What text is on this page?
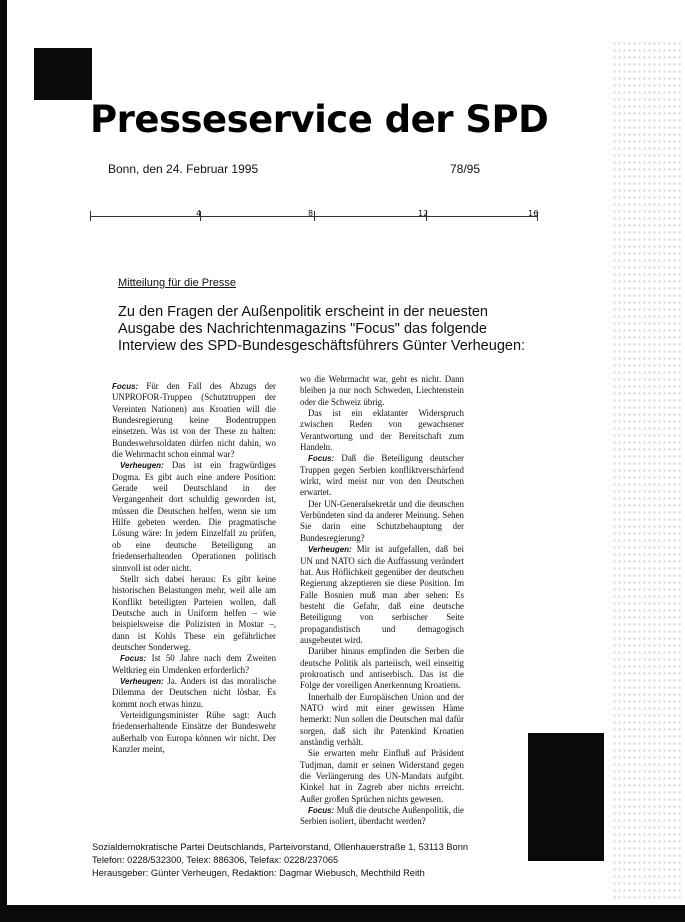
Presseservice der SPD
Bonn, den 24. Februar 1995	78/95
4	8	12	16
Mitteilung für die Presse
Zu den Fragen der Außenpolitik erscheint in der neuesten Ausgabe des Nachrichtenmagazins "Focus" das folgende Interview des SPD-Bundesgeschäftsführers Günter Verheugen:

Focus: Für den Fall des Abzugs der UNPROFOR-Truppen (Schutztruppen der Vereinten Nationen) aus Kroatien will die Bundesregierung keine Bodentruppen einsetzen. Was ist von der These zu halten: Bundeswehrsoldaten dürfen nicht dahin, wo die Wehrmacht schon einmal war?

Verheugen: Das ist ein fragwürdiges Dogma. Es gibt auch eine andere Position: Gerade weil Deutschland in der Vergangenheit dort schuldig geworden ist, müssen die Deutschen helfen, wenn sie um Hilfe gebeten werden. Die pragmatische Lösung wäre: In jedem Einzelfall zu prüfen, ob eine deutsche Beteiligung an friedenserhaltenden Operationen politisch sinnvoll ist oder nicht.

Stellt sich dabei heraus: Es gibt keine historischen Belastungen mehr, weil alle am Konflikt beteiligten Parteien wollen, daß Deutsche auch in Uniform helfen – wie beispielsweise die Polizisten in Mostar –, dann ist Kohls These ein gefährlicher deutscher Sonderweg.

Focus: Ist 50 Jahre nach dem Zweiten Weltkrieg ein Umdenken erforderlich?

Verheugen: Ja. Anders ist das moralische Dilemma der Deutschen nicht lösbar. Es kommt noch etwas hinzu.

Verteidigungsminister Rühe sagt: Auch friedenserhaltende Einsätze der Bundeswehr außerhalb von Europa können wir nicht. Der Kanzler meint,

wo die Wehrmacht war, geht es nicht. Dann bleiben ja nur noch Schweden, Liechtenstein oder die Schweiz übrig.

Das ist ein eklatanter Widerspruch zwischen Reden von gewachsener Verantwortung und der Bereitschaft zum Handeln.

Focus: Daß die Beteiligung deutscher Truppen gegen Serbien konfliktverschärfend wirkt, wird meist nur von den Deutschen erwartet.

Der UN-Generalsekretär und die deutschen Verbündeten sind da anderer Meinung. Sehen Sie darin eine Schutzbehauptung der Bundesregierung?

Verheugen: Mir ist aufgefallen, daß bei UN und NATO sich die Auffassung verändert hat. Aus Höflichkeit gegenüber der deutschen Regierung akzeptieren sie diese Position. Im Falle Bosnien muß man aber sehen: Es besteht die Gefahr, daß eine deutsche Beteiligung von serbischer Seite propagandistisch und demagogisch ausgebeutet wird.

Darüber hinaus empfinden die Serben die deutsche Politik als parteiisch, weil einseitig prokroatisch und antiserbisch. Das ist die Folge der voreiligen Anerkennung Kroatiens.

Innerhalb der Europäischen Union und der NATO wird mit einer gewissen Häme bemerkt: Nun sollen die Deutschen mal dafür sorgen, daß sich ihr Patenkind Kroatien anständig verhält.

Sie erwarten mehr Einfluß auf Präsident Tudjman, damit er seinen Widerstand gegen die Verlängerung des UN-Mandats aufgibt. Kinkel hat in Zagreb aber nichts erreicht. Außer großen Sprüchen nichts gewesen.

Focus: Muß die deutsche Außenpolitik, die Serbien isoliert, überdacht werden?

Sozialdemokratische Partei Deutschlands, Parteivorstand, Ollenhauerstraße 1, 53113 Bonn
Telefon: 0228/532300, Telex: 886306, Telefax: 0228/237065
Herausgeber: Günter Verheugen, Redaktion: Dagmar Wiebusch, Mechthild Reith
